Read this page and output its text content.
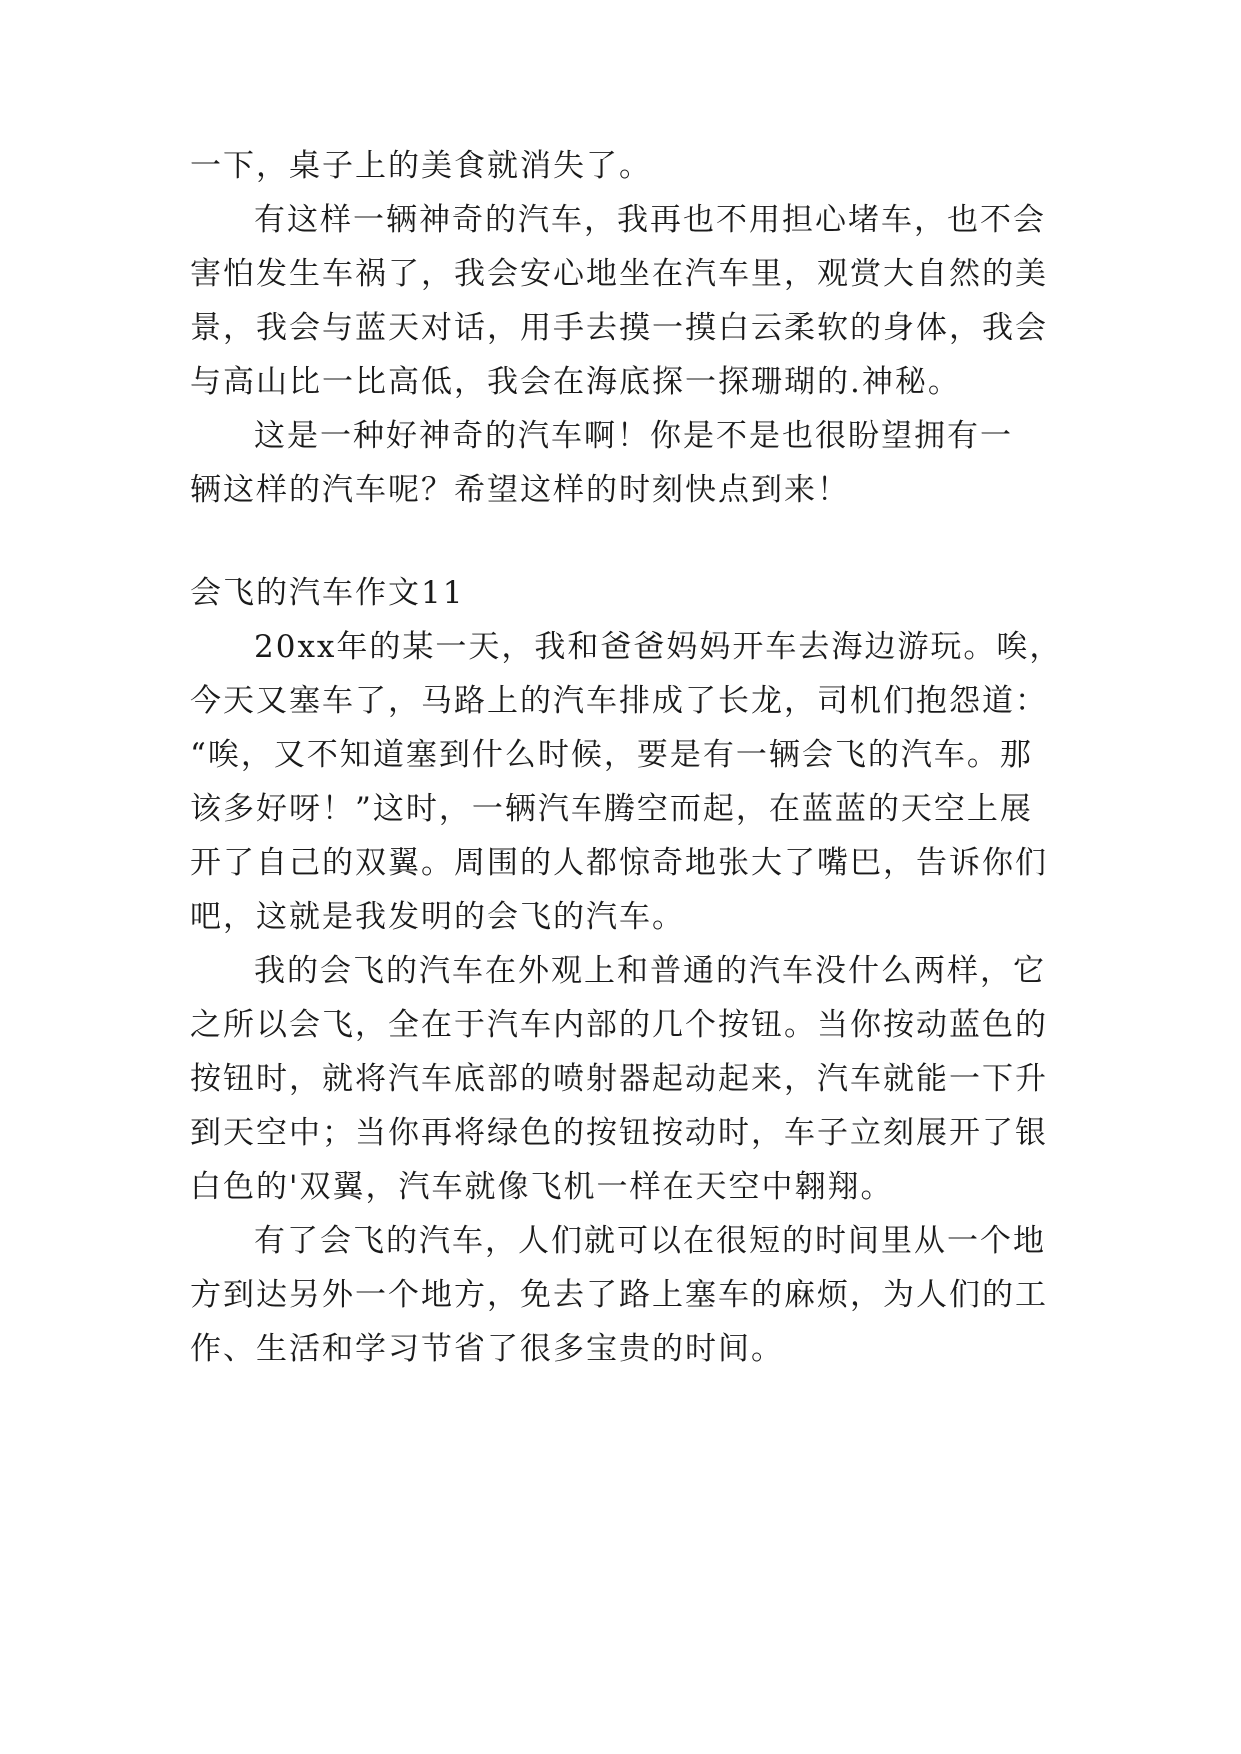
一下，桌子上的美食就消失了。
有这样一辆神奇的汽车，我再也不用担心堵车，也不会
害怕发生车祸了，我会安心地坐在汽车里，观赏大自然的美
景，我会与蓝天对话，用手去摸一摸白云柔软的身体，我会
与高山比一比高低，我会在海底探一探珊瑚的.神秘。
这是一种好神奇的汽车啊！你是不是也很盼望拥有一
辆这样的汽车呢？希望这样的时刻快点到来！
会飞的汽车作文11
20xx年的某一天，我和爸爸妈妈开车去海边游玩。唉，
今天又塞车了，马路上的汽车排成了长龙，司机们抱怨道：
“唉，又不知道塞到什么时候，要是有一辆会飞的汽车。那
该多好呀！”这时，一辆汽车腾空而起，在蓝蓝的天空上展
开了自己的双翼。周围的人都惊奇地张大了嘴巴，告诉你们
吧，这就是我发明的会飞的汽车。
我的会飞的汽车在外观上和普通的汽车没什么两样，它
之所以会飞，全在于汽车内部的几个按钮。当你按动蓝色的
按钮时，就将汽车底部的喷射器起动起来，汽车就能一下升
到天空中；当你再将绿色的按钮按动时，车子立刻展开了银
白色的'双翼，汽车就像飞机一样在天空中翱翔。
有了会飞的汽车，人们就可以在很短的时间里从一个地
方到达另外一个地方，免去了路上塞车的麻烦，为人们的工
作、生活和学习节省了很多宝贵的时间。
